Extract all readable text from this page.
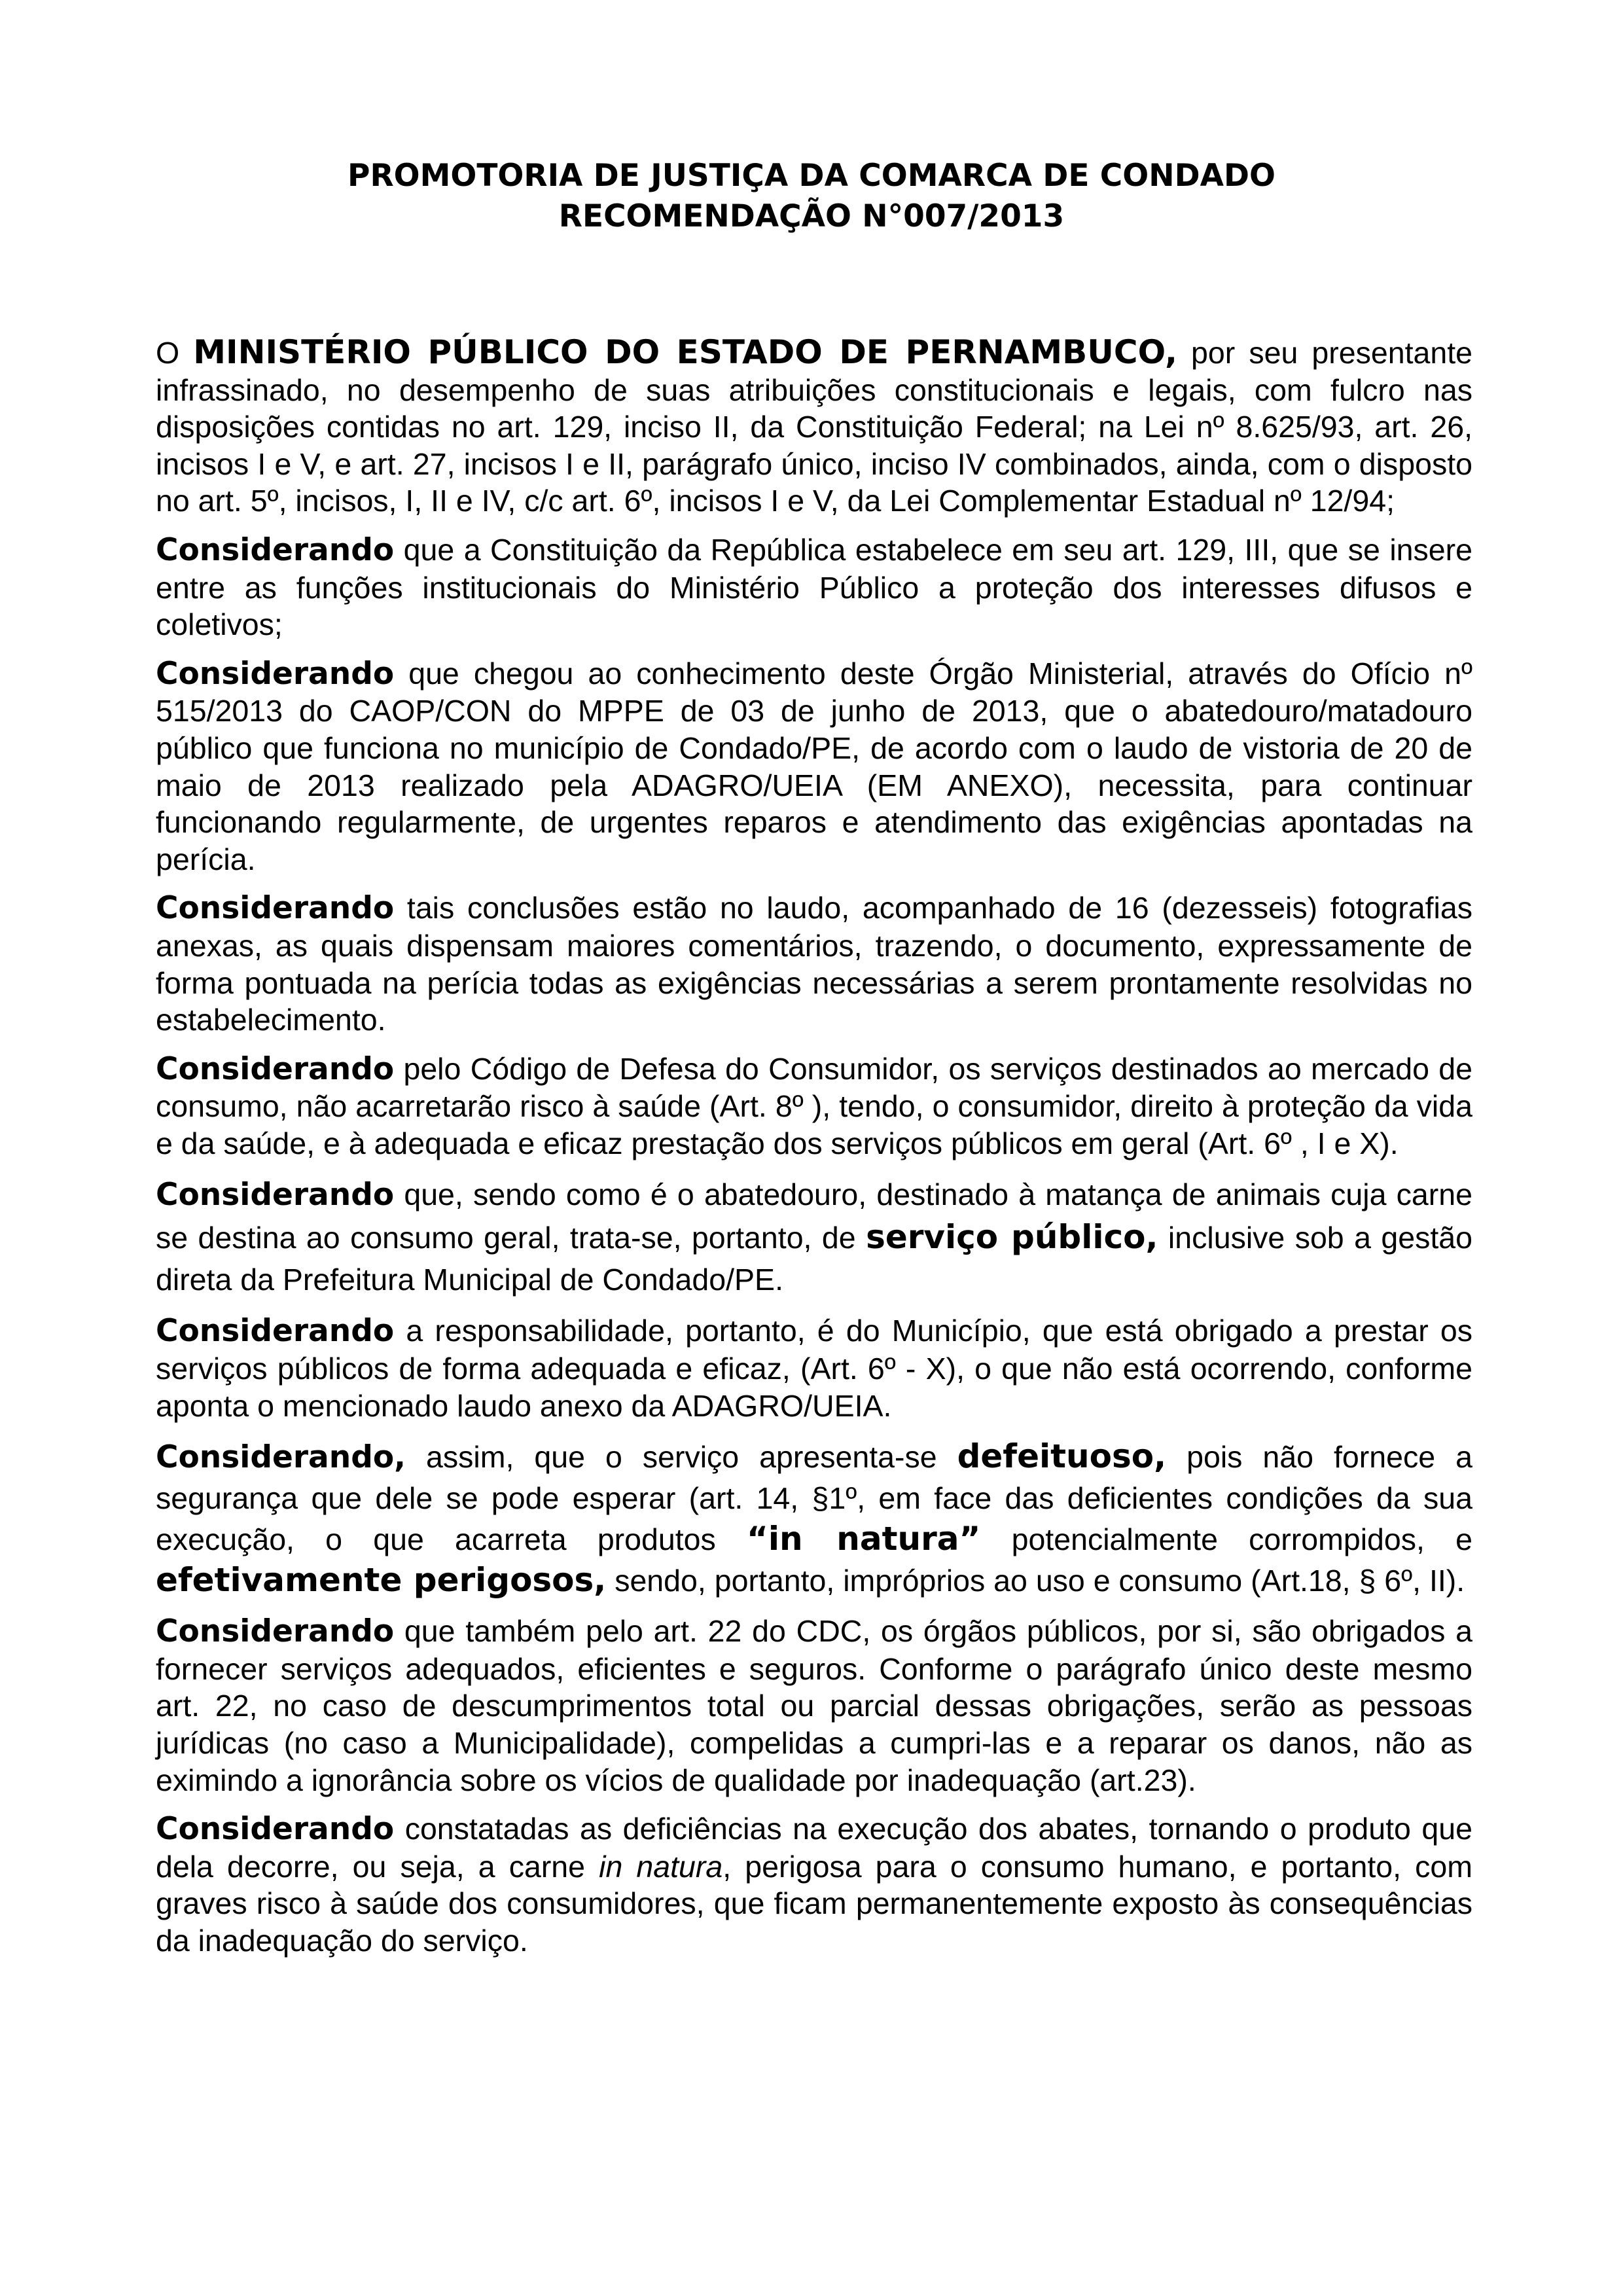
PROMOTORIA DE JUSTIÇA DA COMARCA DE CONDADO
RECOMENDAÇÃO N°007/2013

O MINISTÉRIO PÚBLICO DO ESTADO DE PERNAMBUCO, por seu presentante infrassinado, no desempenho de suas atribuições constitucionais e legais, com fulcro nas disposições contidas no art. 129, inciso II, da Constituição Federal; na Lei nº 8.625/93, art. 26, incisos I e V, e art. 27, incisos I e II, parágrafo único, inciso IV combinados, ainda, com o disposto no art. 5º, incisos, I, II e IV, c/c art. 6º, incisos I e V, da Lei Complementar Estadual nº 12/94;

Considerando que a Constituição da República estabelece em seu art. 129, III, que se insere entre as funções institucionais do Ministério Público a proteção dos interesses difusos e coletivos;

Considerando que chegou ao conhecimento deste Órgão Ministerial, através do Ofício nº 515/2013 do CAOP/CON do MPPE de 03 de junho de 2013, que o abatedouro/matadouro público que funciona no município de Condado/PE, de acordo com o laudo de vistoria de 20 de maio de 2013 realizado pela ADAGRO/UEIA (EM ANEXO), necessita, para continuar funcionando regularmente, de urgentes reparos e atendimento das exigências apontadas na perícia.

Considerando tais conclusões estão no laudo, acompanhado de 16 (dezesseis) fotografias anexas, as quais dispensam maiores comentários, trazendo, o documento, expressamente de forma pontuada na perícia todas as exigências necessárias a serem prontamente resolvidas no estabelecimento.

Considerando pelo Código de Defesa do Consumidor, os serviços destinados ao mercado de consumo, não acarretarão risco à saúde (Art. 8º ), tendo, o consumidor, direito à proteção da vida e da saúde, e à adequada e eficaz prestação dos serviços públicos em geral (Art. 6º , I e X).

Considerando que, sendo como é o abatedouro, destinado à matança de animais cuja carne se destina ao consumo geral, trata-se, portanto, de serviço público, inclusive sob a gestão direta da Prefeitura Municipal de Condado/PE.

Considerando a responsabilidade, portanto, é do Município, que está obrigado a prestar os serviços públicos de forma adequada e eficaz, (Art. 6º - X), o que não está ocorrendo, conforme aponta o mencionado laudo anexo da ADAGRO/UEIA.

Considerando, assim, que o serviço apresenta-se defeituoso, pois não fornece a segurança que dele se pode esperar (art. 14, §1º, em face das deficientes condições da sua execução, o que acarreta produtos “in natura” potencialmente corrompidos, e efetivamente perigosos, sendo, portanto, impróprios ao uso e consumo (Art.18, § 6º, II).

Considerando que também pelo art. 22 do CDC, os órgãos públicos, por si, são obrigados a fornecer serviços adequados, eficientes e seguros. Conforme o parágrafo único deste mesmo art. 22, no caso de descumprimentos total ou parcial dessas obrigações, serão as pessoas jurídicas (no caso a Municipalidade), compelidas a cumpri-las e a reparar os danos, não as eximindo a ignorância sobre os vícios de qualidade por inadequação (art.23).

Considerando constatadas as deficiências na execução dos abates, tornando o produto que dela decorre, ou seja, a carne in natura, perigosa para o consumo humano, e portanto, com graves risco à saúde dos consumidores, que ficam permanentemente exposto às consequências da inadequação do serviço.
